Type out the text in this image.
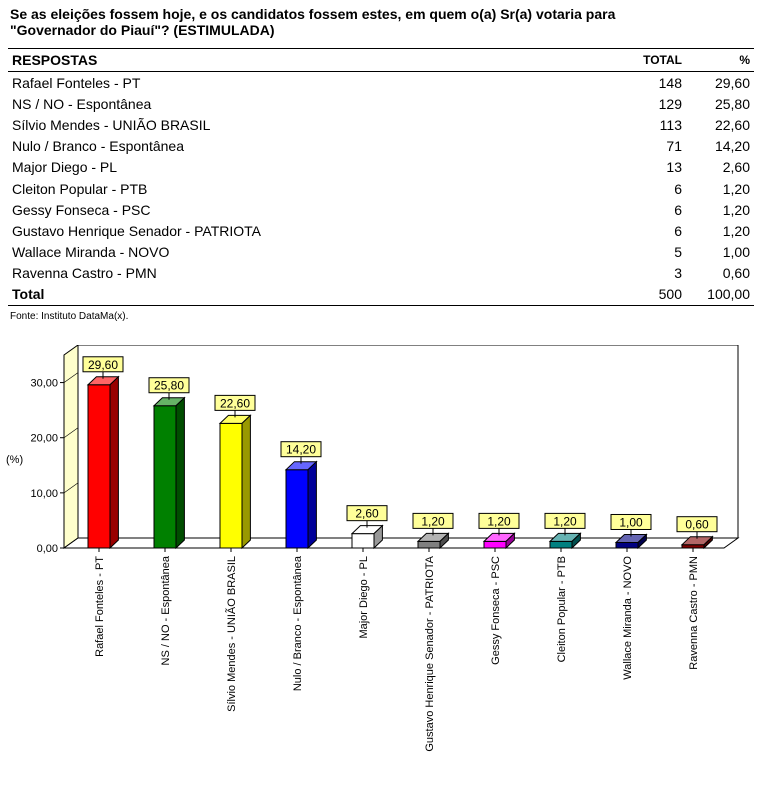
Se as eleições fossem hoje, e os candidatos fossem estes, em quem o(a) Sr(a) votaria para
"Governador do Piauí"? (ESTIMULADA)
RESPOSTAS	TOTAL	%
Rafael Fonteles - PT	148	29,60
NS / NO - Espontânea	129	25,80
Sílvio Mendes - UNIÃO BRASIL	113	22,60
Nulo / Branco - Espontânea	71	14,20
Major Diego - PL	13	2,60
Cleiton Popular - PTB	6	1,20
Gessy Fonseca - PSC	6	1,20
Gustavo Henrique Senador - PATRIOTA	6	1,20
Wallace Miranda - NOVO	5	1,00
Ravenna Castro - PMN	3	0,60
Total	500	100,00
Fonte: Instituto DataMa(x).
0,00
10,00
20,00
30,00
(%)
29,60
Rafael Fonteles - PT
25,80
NS / NO - Espontânea
22,60
Sílvio Mendes - UNIÃO BRASIL
14,20
Nulo / Branco - Espontânea
2,60
Major Diego - PL
1,20
Gustavo Henrique Senador - PATRIOTA
1,20
Gessy Fonseca - PSC
1,20
Cleiton Popular - PTB
1,00
Wallace Miranda - NOVO
0,60
Ravenna Castro - PMN
